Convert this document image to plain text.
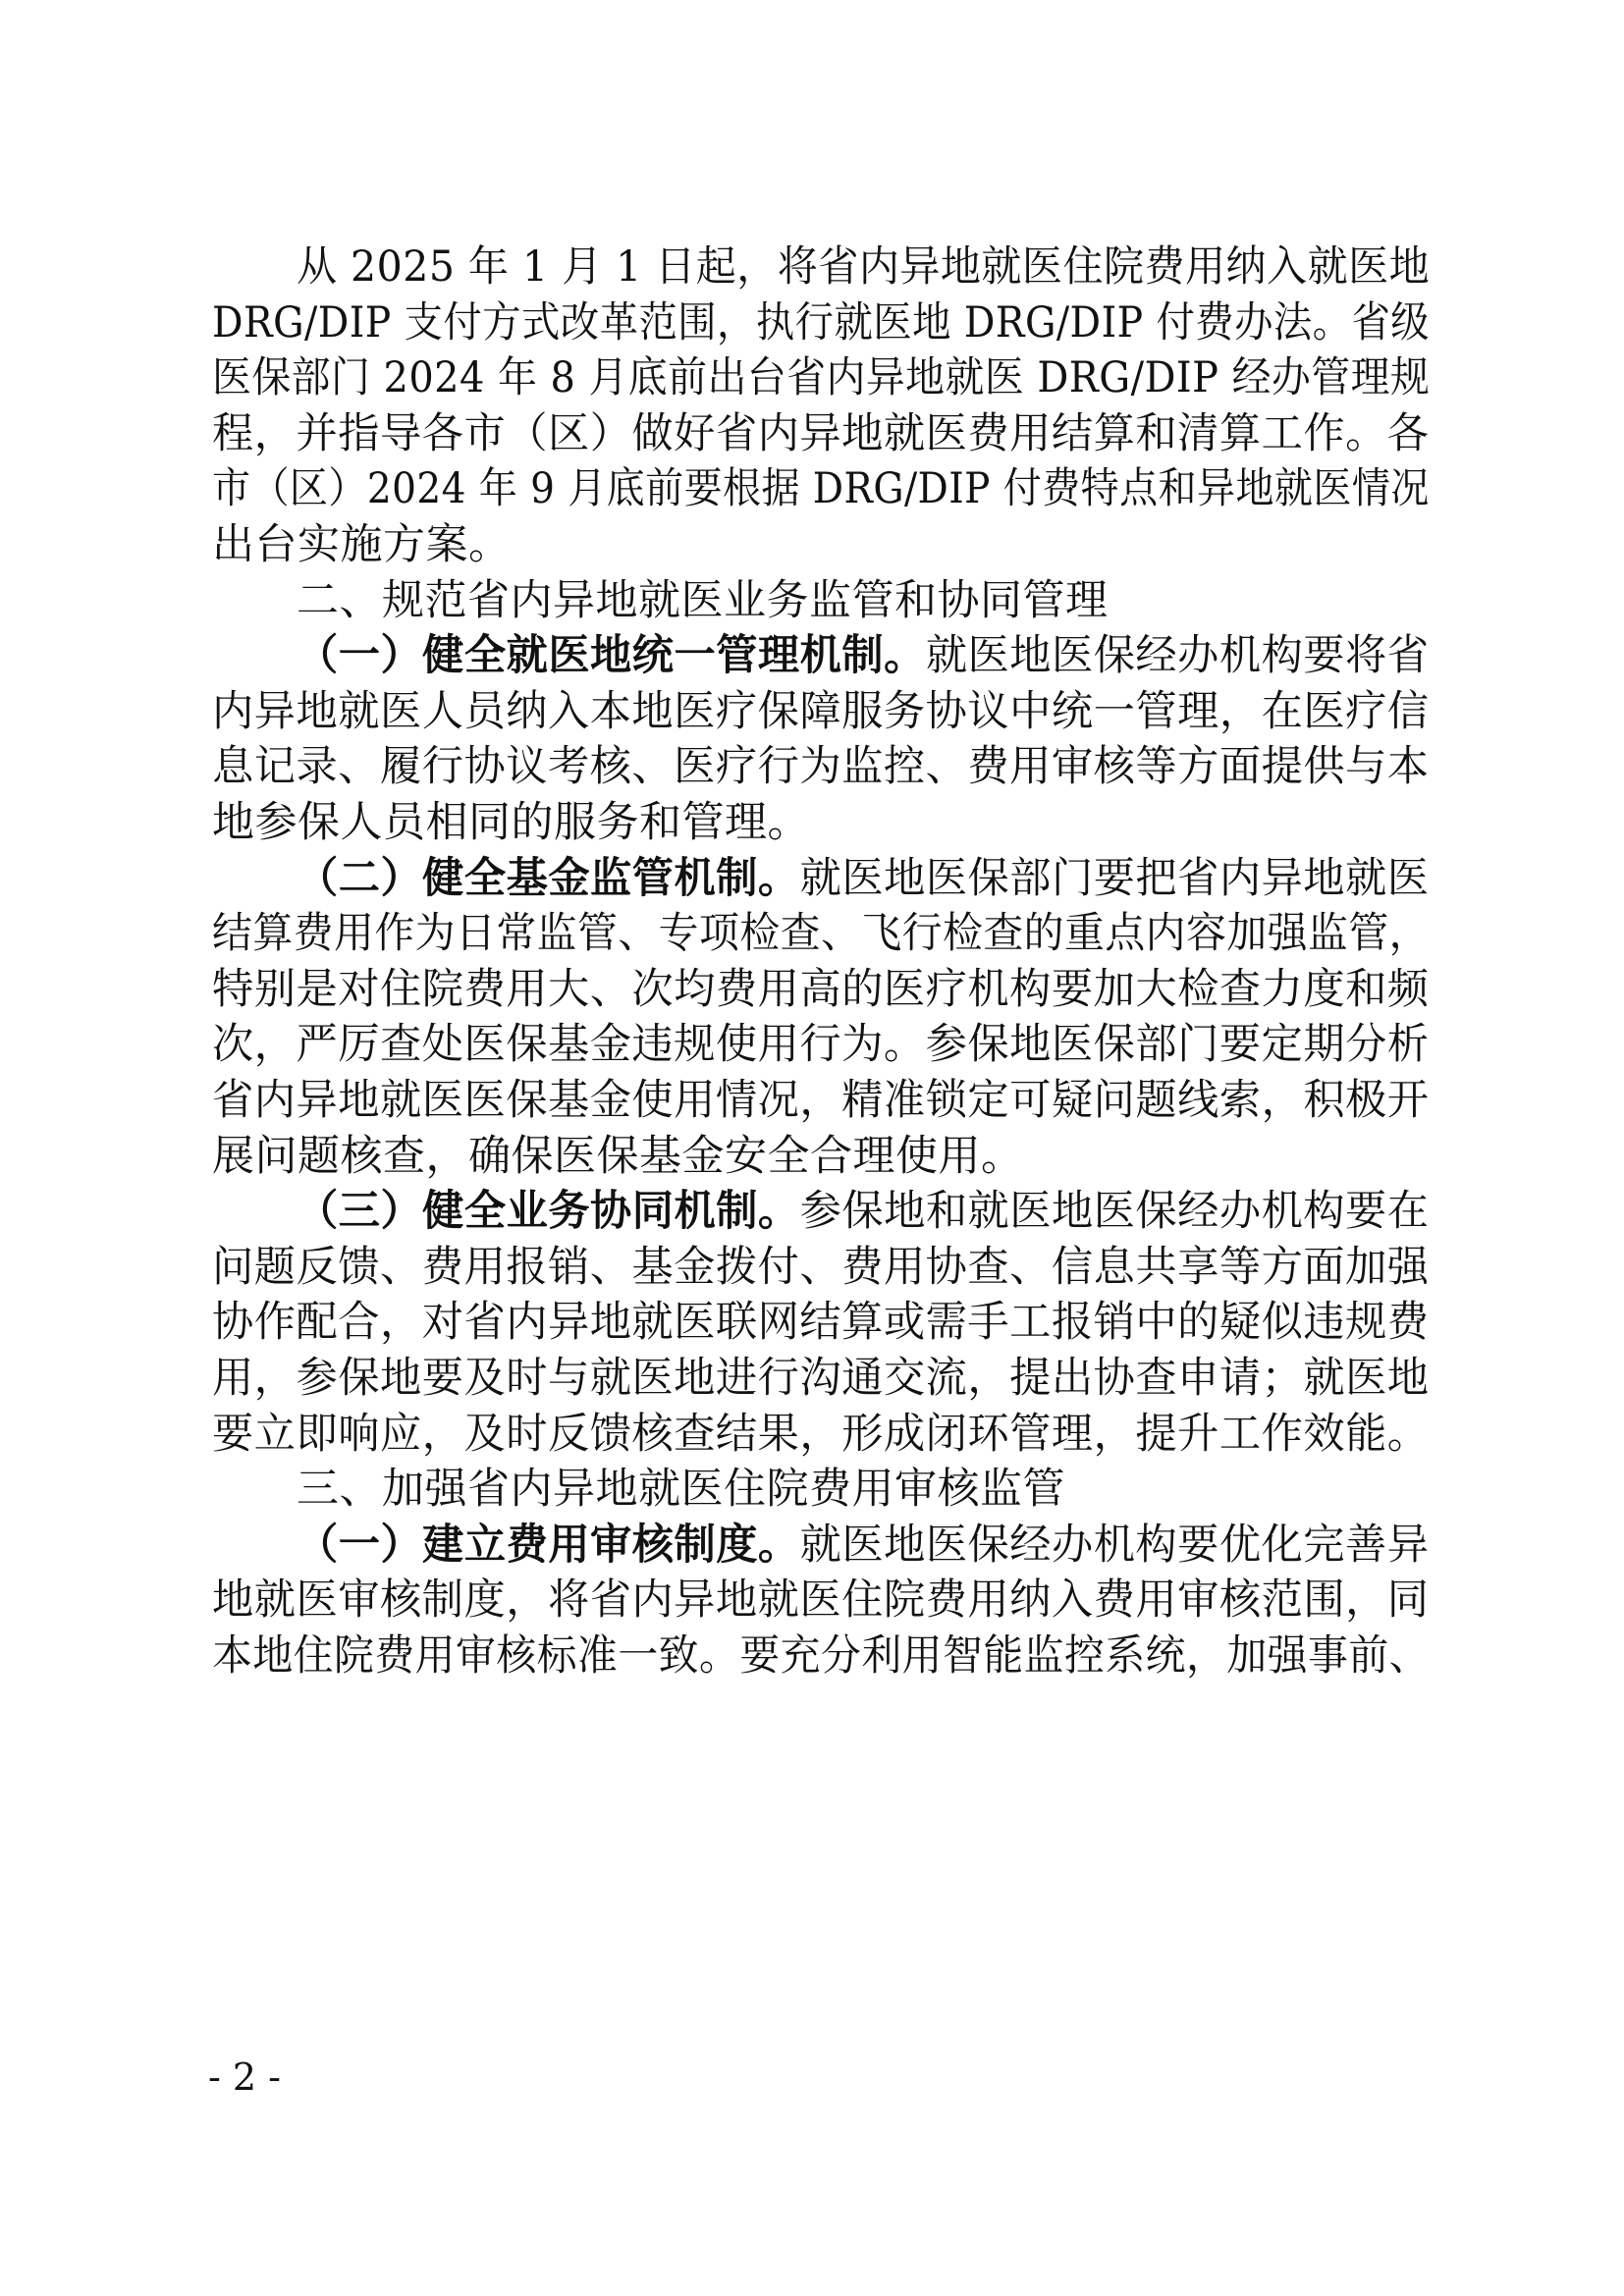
从 2025 年 1 月 1 日起，将省内异地就医住院费用纳入就医地
DRG/DIP 支付方式改革范围，执行就医地 DRG/DIP 付费办法。省级
医保部门 2024 年 8 月底前出台省内异地就医 DRG/DIP 经办管理规
程，并指导各市（区）做好省内异地就医费用结算和清算工作。各
市（区）2024 年 9 月底前要根据 DRG/DIP 付费特点和异地就医情况
出台实施方案。
二、规范省内异地就医业务监管和协同管理
（一）健全就医地统一管理机制。就医地医保经办机构要将省
内异地就医人员纳入本地医疗保障服务协议中统一管理，在医疗信
息记录、履行协议考核、医疗行为监控、费用审核等方面提供与本
地参保人员相同的服务和管理。
（二）健全基金监管机制。就医地医保部门要把省内异地就医
结算费用作为日常监管、专项检查、飞行检查的重点内容加强监管，
特别是对住院费用大、次均费用高的医疗机构要加大检查力度和频
次，严厉查处医保基金违规使用行为。参保地医保部门要定期分析
省内异地就医医保基金使用情况，精准锁定可疑问题线索，积极开
展问题核查，确保医保基金安全合理使用。
（三）健全业务协同机制。参保地和就医地医保经办机构要在
问题反馈、费用报销、基金拨付、费用协查、信息共享等方面加强
协作配合，对省内异地就医联网结算或需手工报销中的疑似违规费
用，参保地要及时与就医地进行沟通交流，提出协查申请；就医地
要立即响应，及时反馈核查结果，形成闭环管理，提升工作效能。
三、加强省内异地就医住院费用审核监管
（一）建立费用审核制度。就医地医保经办机构要优化完善异
地就医审核制度，将省内异地就医住院费用纳入费用审核范围，同
本地住院费用审核标准一致。要充分利用智能监控系统，加强事前、
- 2 -
